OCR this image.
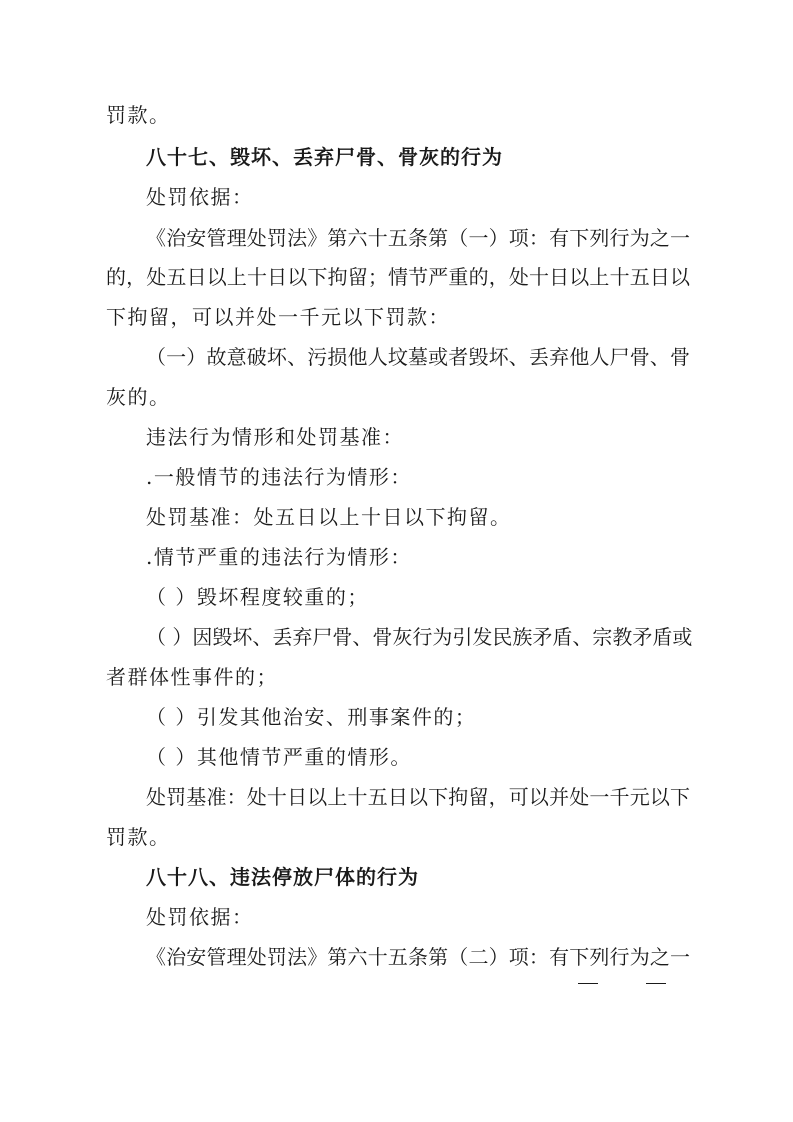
罚款。
八十七、毁坏、丢弃尸骨、骨灰的行为
处罚依据：
《治安管理处罚法》第六十五条第（一）项：有下列行为之一
的，处五日以上十日以下拘留；情节严重的，处十日以上十五日以
下拘留，可以并处一千元以下罚款：
（一）故意破坏、污损他人坟墓或者毁坏、丢弃他人尸骨、骨
灰的。
违法行为情形和处罚基准：
.一般情节的违法行为情形：
处罚基准：处五日以上十日以下拘留。
.情节严重的违法行为情形：
（ ）毁坏程度较重的；
（ ）因毁坏、丢弃尸骨、骨灰行为引发民族矛盾、宗教矛盾或
者群体性事件的；
（ ）引发其他治安、刑事案件的；
（ ）其他情节严重的情形。
处罚基准：处十日以上十五日以下拘留，可以并处一千元以下
罚款。
八十八、违法停放尸体的行为
处罚依据：
《治安管理处罚法》第六十五条第（二）项：有下列行为之一
